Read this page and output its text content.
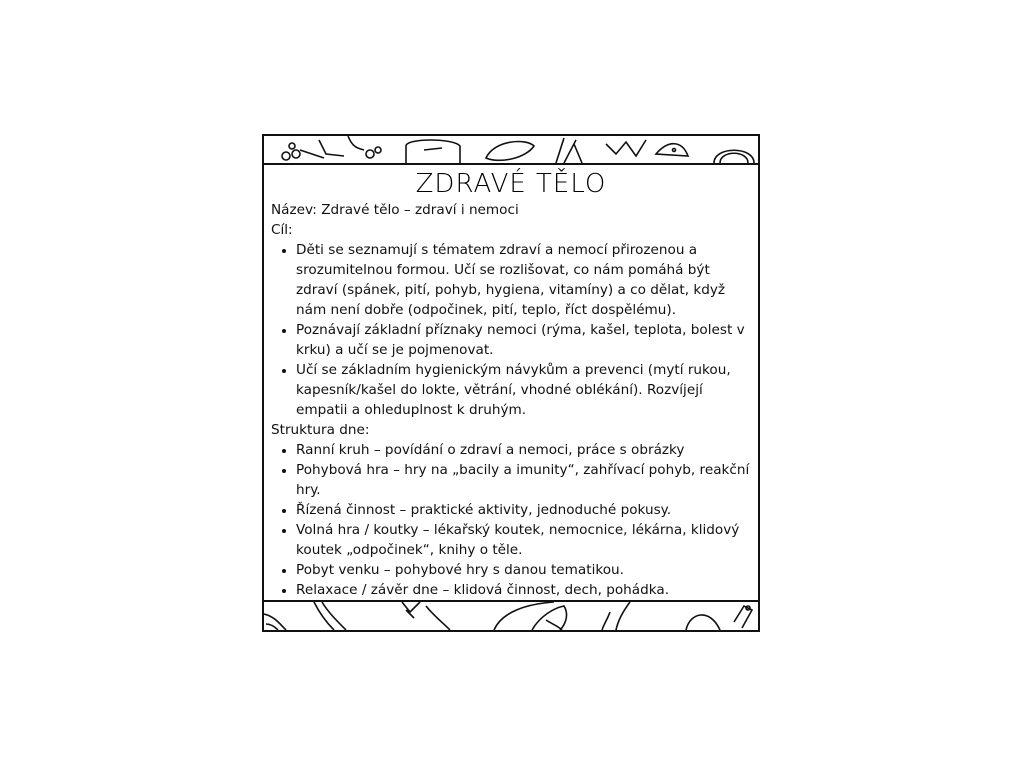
ZDRAVÉ TĚLO

Název: Zdravé tělo – zdraví i nemoci

Cíl:

• Děti se seznamují s tématem zdraví a nemocí přirozenou a srozumitelnou formou. Učí se rozlišovat, co nám pomáhá být zdraví (spánek, pití, pohyb, hygiena, vitamíny) a co dělat, když nám není dobře (odpočinek, pití, teplo, říct dospělému).
• Poznávají základní příznaky nemoci (rýma, kašel, teplota, bolest v krku) a učí se je pojmenovat.
• Učí se základním hygienickým návykům a prevenci (mytí rukou, kapesník/kašel do lokte, větrání, vhodné oblékání). Rozvíjejí empatii a ohleduplnost k druhým.

Struktura dne:

• Ranní kruh – povídání o zdraví a nemoci, práce s obrázky
• Pohybová hra – hry na „bacily a imunity“, zahřívací pohyb, reakční hry.
• Řízená činnost – praktické aktivity, jednoduché pokusy.
• Volná hra / koutky – lékařský koutek, nemocnice, lékárna, klidový koutek „odpočinek“, knihy o těle.
• Pobyt venku – pohybové hry s danou tematikou.
• Relaxace / závěr dne – klidová činnost, dech, pohádka.
